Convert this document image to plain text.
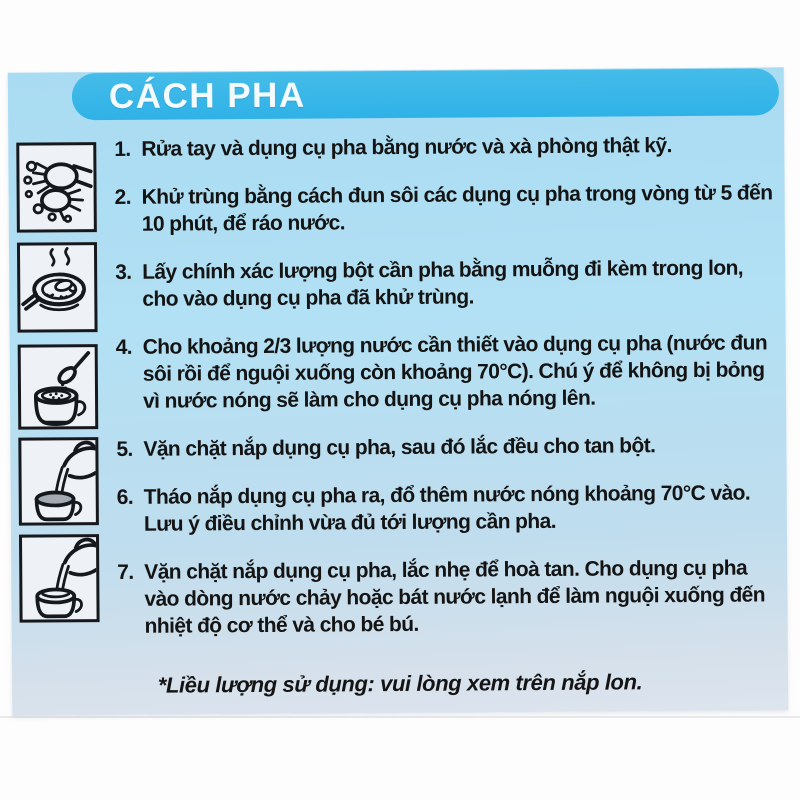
CÁCH PHA
1. Rửa tay và dụng cụ pha bằng nước và xà phòng thật kỹ.
2. Khử trùng bằng cách đun sôi các dụng cụ pha trong vòng từ 5 đến 10 phút, để ráo nước.
3. Lấy chính xác lượng bột cần pha bằng muỗng đi kèm trong lon, cho vào dụng cụ pha đã khử trùng.
4. Cho khoảng 2/3 lượng nước cần thiết vào dụng cụ pha (nước đun sôi rồi để nguội xuống còn khoảng 70°C). Chú ý để không bị bỏng vì nước nóng sẽ làm cho dụng cụ pha nóng lên.
5. Vặn chặt nắp dụng cụ pha, sau đó lắc đều cho tan bột.
6. Tháo nắp dụng cụ pha ra, đổ thêm nước nóng khoảng 70°C vào. Lưu ý điều chỉnh vừa đủ tới lượng cần pha.
7. Vặn chặt nắp dụng cụ pha, lắc nhẹ để hoà tan. Cho dụng cụ pha vào dòng nước chảy hoặc bát nước lạnh để làm nguội xuống đến nhiệt độ cơ thể và cho bé bú.
*Liều lượng sử dụng: vui lòng xem trên nắp lon.
